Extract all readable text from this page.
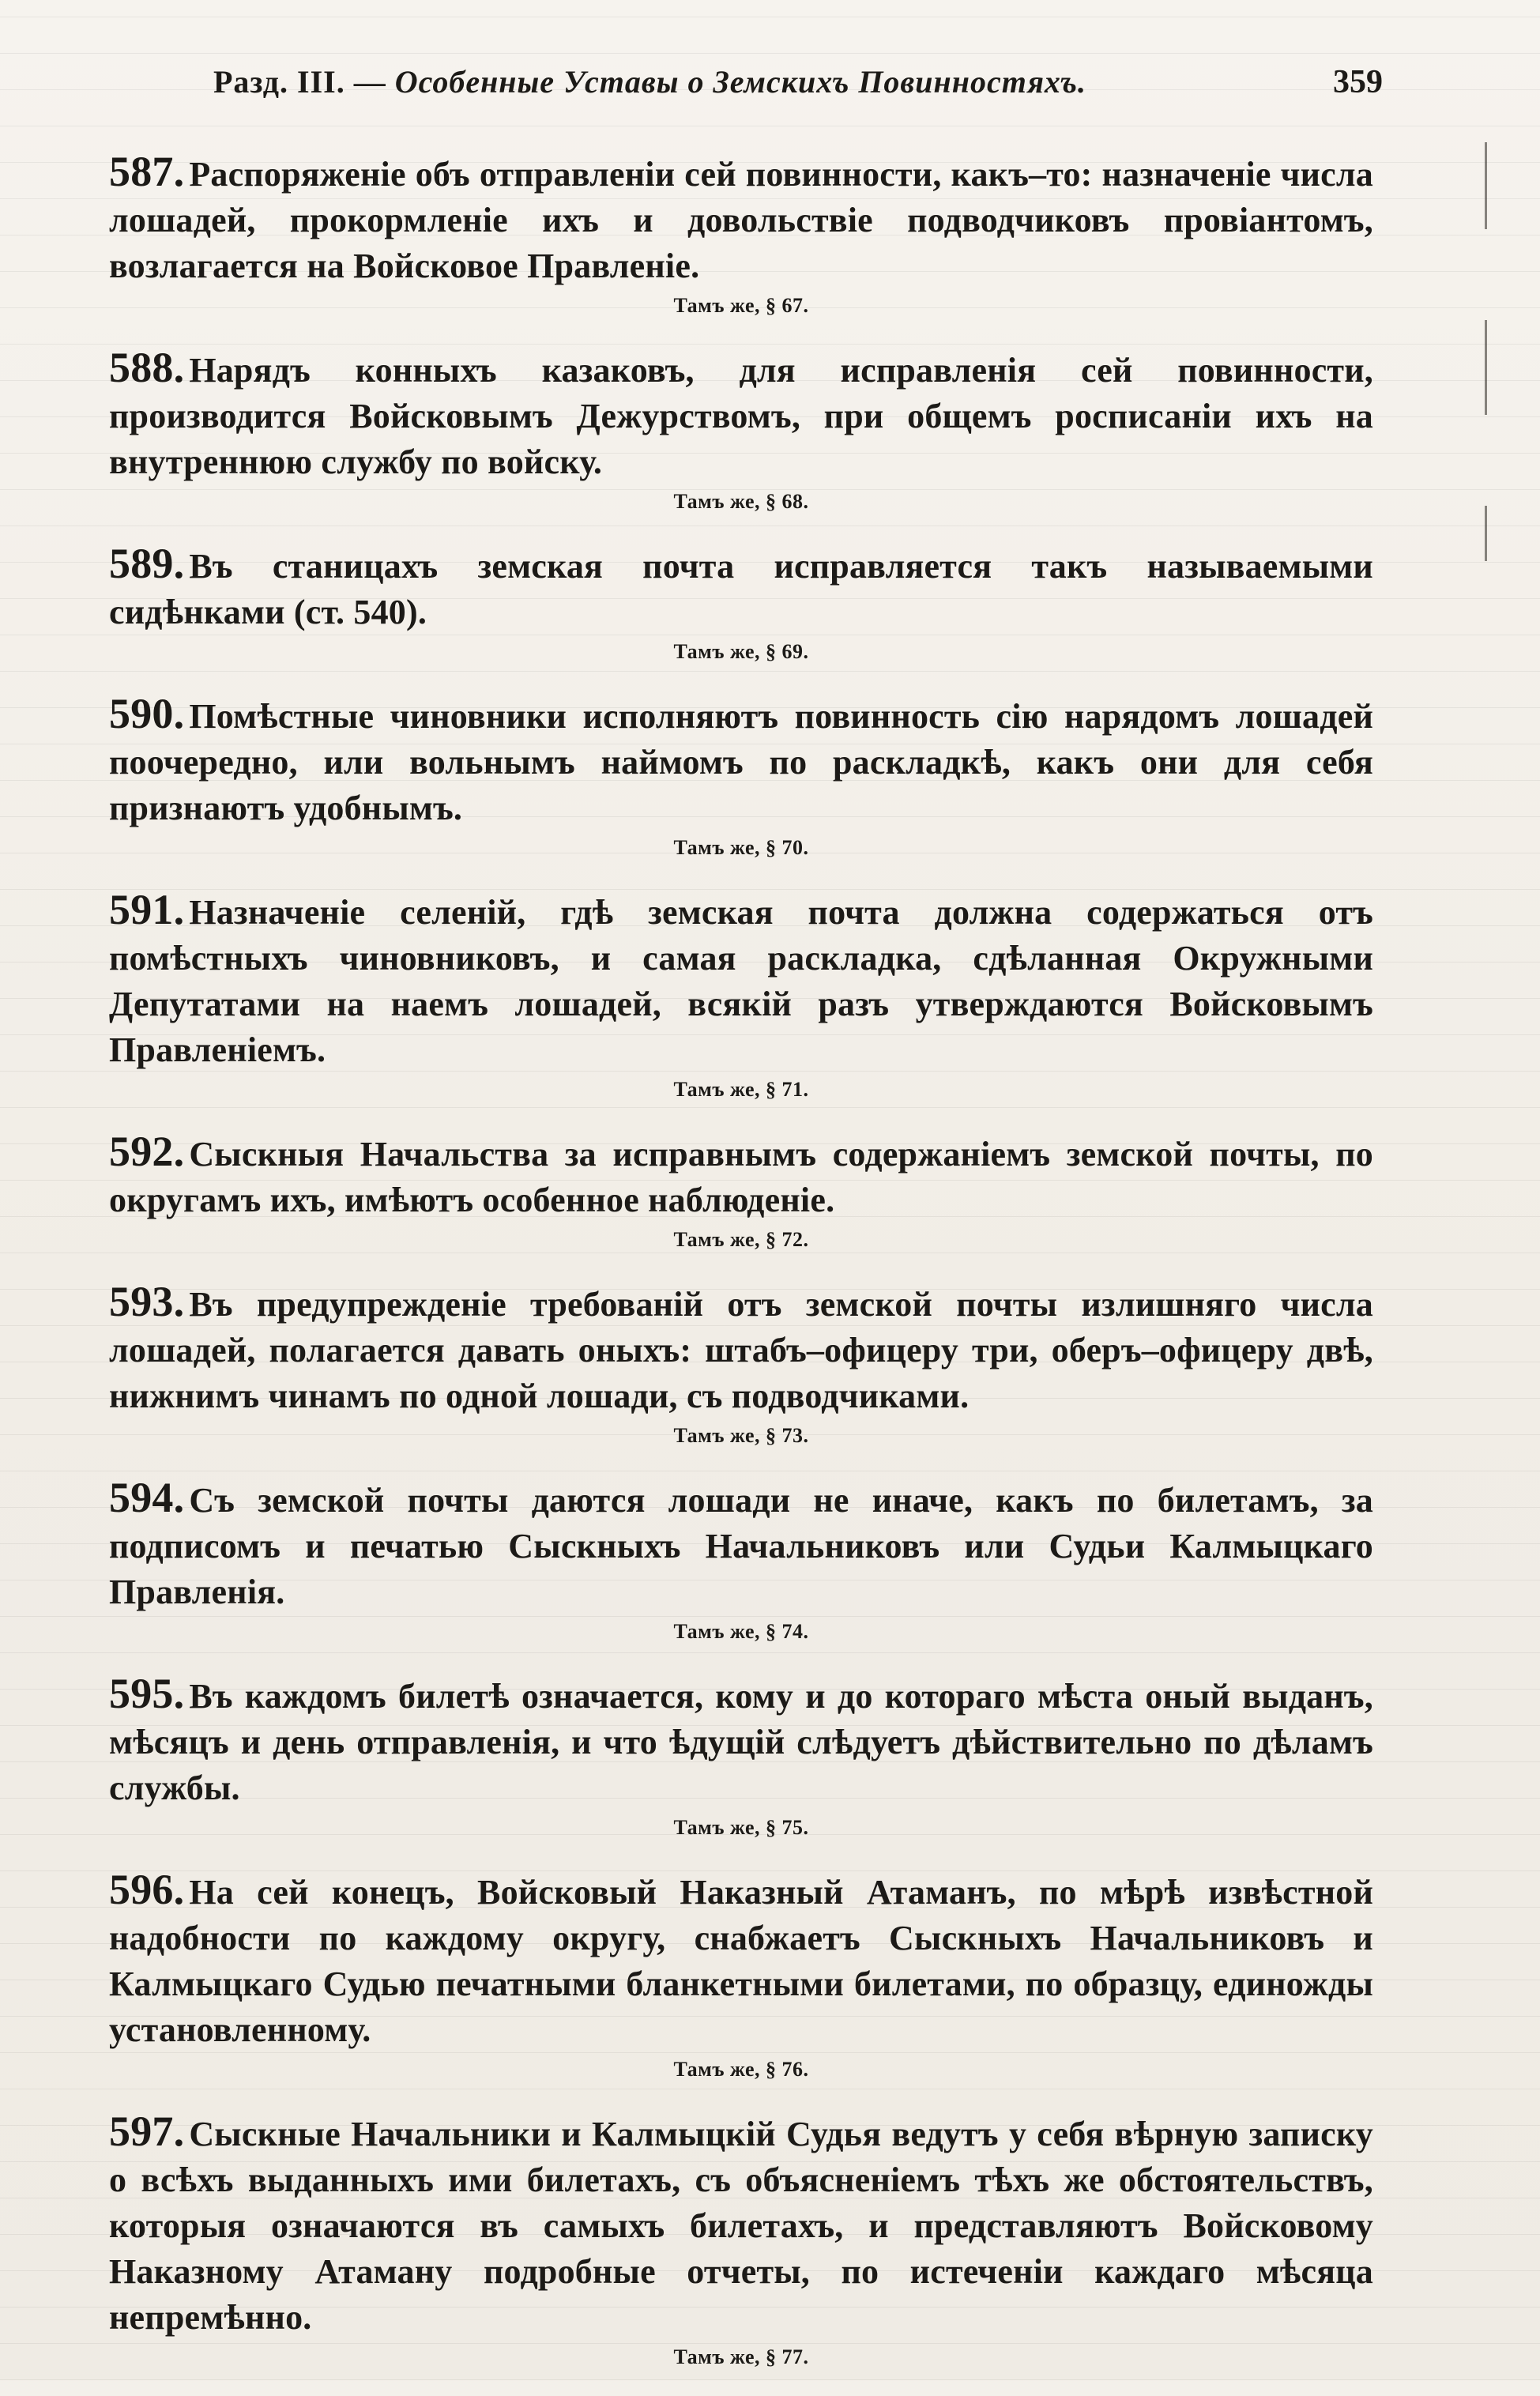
Разд. III. — Особенные Уставы о Земскихъ Повинностяхъ.	359

587. Распоряженіе объ отправленіи сей повинности, какъ–то: назначеніе числа лошадей, прокормленіе ихъ и довольствіе подводчиковъ провіантомъ, возлагается на Войсковое Правленіе.

Тамъ же, § 67.

588. Нарядъ конныхъ казаковъ, для исправленія сей повинности, производится Войсковымъ Дежурствомъ, при общемъ росписаніи ихъ на внутреннюю службу по войску.

Тамъ же, § 68.

589. Въ станицахъ земская почта исправляется такъ называемыми сидѣнками (ст. 540).

Тамъ же, § 69.

590. Помѣстные чиновники исполняютъ повинность сію нарядомъ лошадей поочередно, или вольнымъ наймомъ по раскладкѣ, какъ они для себя признаютъ удобнымъ.

Тамъ же, § 70.

591. Назначеніе селеній, гдѣ земская почта должна содержаться отъ помѣстныхъ чиновниковъ, и самая раскладка, сдѣланная Окружными Депутатами на наемъ лошадей, всякій разъ утверждаются Войсковымъ Правленіемъ.

Тамъ же, § 71.

592. Сыскныя Начальства за исправнымъ содержаніемъ земской почты, по округамъ ихъ, имѣютъ особенное наблюденіе.

Тамъ же, § 72.

593. Въ предупрежденіе требованій отъ земской почты излишняго числа лошадей, полагается давать оныхъ: штабъ–офицеру три, оберъ–офицеру двѣ, нижнимъ чинамъ по одной лошади, съ подводчиками.

Тамъ же, § 73.

594. Съ земской почты даются лошади не иначе, какъ по билетамъ, за подписомъ и печатью Сыскныхъ Начальниковъ или Судьи Калмыцкаго Правленія.

Тамъ же, § 74.

595. Въ каждомъ билетѣ означается, кому и до котораго мѣста оный выданъ, мѣсяцъ и день отправленія, и что ѣдущій слѣдуетъ дѣйствительно по дѣламъ службы.

Тамъ же, § 75.

596. На сей конецъ, Войсковый Наказный Атаманъ, по мѣрѣ извѣстной надобности по каждому округу, снабжаетъ Сыскныхъ Начальниковъ и Калмыцкаго Судью печатными бланкетными билетами, по образцу, единожды установленному.

Тамъ же, § 76.

597. Сыскные Начальники и Калмыцкій Судья ведутъ у себя вѣрную записку о всѣхъ выданныхъ ими билетахъ, съ объясненіемъ тѣхъ же обстоятельствъ, которыя означаются въ самыхъ билетахъ, и представляютъ Войсковому Наказному Атаману подробные отчеты, по истеченіи каждаго мѣсяца непремѣнно.

Тамъ же, § 77.
